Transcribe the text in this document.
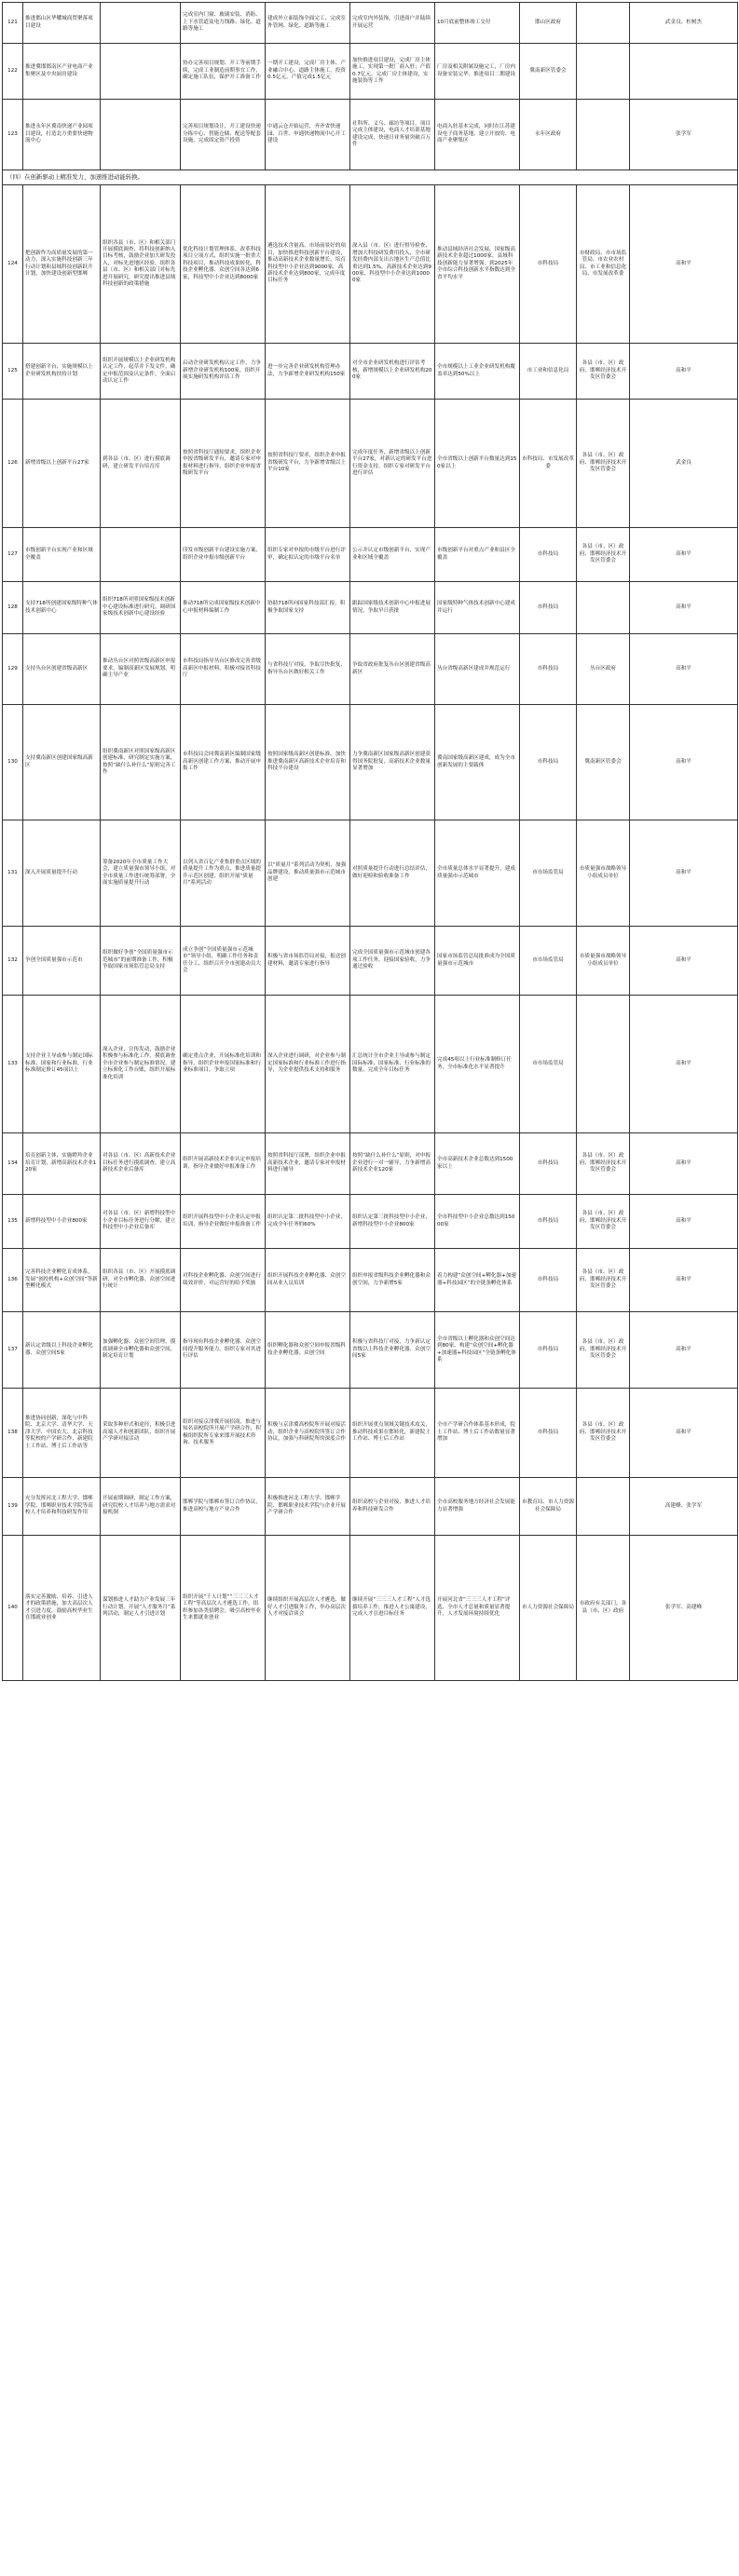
121	推进邯山区华耀城商贸聚落项目建设		完成室内门窗、玻璃安装、消防、上下水管道及电力线路、绿化、道路等施工	建成外立面装饰全面完工，完成室外管网、绿化、道路等施工	完成室内外装饰，引进商户并陆续开展运营	10月底前整体竣工交付	邯山区政府		武金良、杜树杰
122	推进冀邯邯南区产业电商产业集聚区及中央厨房建设		协办完善项目规划、开工等前期手续，完成工业制造前期事宜工作，确定施工队伍，保护开工准备工作	一期开工建设，完成厂房主体、产业融合中心、道路主体施工，投资0.5亿元，产值完成1.5亿元	加快推进项目建设，完成厂房主体施工，实现第一批厂商入驻；产值0.7亿元，完成厂房主体建设，实施装饰等工作	厂房及相关附属设施完工，厂房内设备安装完毕，推进项目二期建设	冀南新区管委会		
123	推进永年区冀南快递产业园项目建设，打造北方重要快递物流中心		完善项目规划设计，开工建设快递分拣中心、智能仓储、配送等配套设施，完成固定资产投资	中通云仓开始运营，齐齐省快递园、百世、申通快递物流中心开工建设	社科所、义乌、廊坊等项目，项目完成主体建设，电商人才培训基地建设完成，快递日业务量突破百万件	电商入驻基本完成，同时在江苏建设电子商务基地，建立开放的、电商产业聚集区	永年区政府		张学军
（四）在创新驱动上精准发力，加速推进动能转换。									
124	把创新作为高质量发展的第一动力，深入实施科技创新三年行动计划和县域科技创新跃升计划，加快建设创新型邯郸	组织各县（市、区）和相关部门开展摸底调查，将科技创新纳入目标考核，鼓励企业加大研发投入，对标先进地区经验，组织各县（市、区）和相关部门对标先进开展研究，研究提出推进县域科技创新的政策措施	优化科技计划管理体系，改革科技项目立项方式，组织实施一批重大科技项目，推动科技成果转化，科技企业孵化器、众创空间各达到6家，科技型中小企业达到8000家	遴选技术含量高、市场前景好的项目，加快推进科技创新平台建设，推动高新技术企业数量增长，培育科技型中小企业达到9000家，高新技术企业达到800家，完成年度目标任务	深入县（市、区）进行督导检查，增加大科技研发费用投入，全市研发经费内部支出占地区生产总值比重达到1.5%，高新技术企业达到900家，科技型中小企业达到10000家	推动县域经济社会发展，国家级高新技术企业超过1000家，县域科技创新能力显著增强，到2025年全市综合科技创新水平指数达到全省平均水平	市科技局	市财政局、市市场监管局、市农业农村局、市工业和信息化局、市发展改革委	高和平
125	搭建创新平台，实施规模以上企业研发机构扶持计划	组织开展规模以上企业研发机构认定工作，起草并下发文件，确定申报范围及认定条件，全面启动认定工作	启动企业研发机构认定工作，力争新增企业研发机构100家，组织开展实施研发机构评估工作	进一步完善企业研发机构管理办法，力争新增企业研发机构150家	对全市企业研发机构进行评估考核，新增规模以上企业研发机构200家	全市规模以上工业企业研发机构覆盖率达到50%以上	市工业和信息化局	各县（市、区）政府、邯郸经济技术开发区管委会	高和平
126	新增省级以上创新平台27家	到各县（市、区）进行摸底调研，建立研发平台培育库	按照省科技厅通知要求，组织企业申报省级研发平台，邀请专家对申报材料进行指导，组织企业申报省级研发平台	按照省科技厅要求，组织企业申报省级研发平台，力争新增省级以上平台10家	完成年度任务，新增省级以上创新平台27家，对新认定的研发平台进行资金支持，组织专家对研发平台进行评估	全市省级以上创新平台数量达到150家以上	市科技局、市发展改革委	各县（市、区）政府、邯郸经济技术开发区管委会	武金良
127	市级创新平台实现产业和区域全覆盖		印发市级创新平台建设实施方案，组织企业申报市级创新平台	组织专家对申报的市级平台进行评审，确定拟认定的市级平台名单	公示并认定市级创新平台，实现产业和区域全覆盖	市级创新平台对重点产业和县区全覆盖	市科技局	各县（市、区）政府、邯郸经济技术开发区管委会	高和平
128	支持718所创建国家级特种气体技术创新中心	组织718所对照国家级技术创新中心建设标准进行研究，调研国家级技术创新中心建设经验	推动718所完成国家级技术创新中心申报材料编制工作	协助718所向国家科技部汇报，积极争取国家支持	跟踪国家级技术创新中心申报进展情况，争取早日获批	国家级特种气体技术创新中心建成并运行	市科技局		高和平
129	支持丛台区创建省级高新区	推动丛台区对照省级高新区申报要求，编制高新区发展规划，明确主导产业	市科技局指导丛台区修改完善省级高新区申报材料，积极对接省科技厅	与省科技厅对接，争取尽快批复，指导丛台区做好相关工作	争取省政府批复丛台区创建省级高新区	丛台省级高新区建成并规范运行	市科技局	丛台区政府	高和平
130	支持冀南新区创建国家级高新区	组织冀南新区对照国家级高新区创建标准，研究制定实施方案，按照“缺什么补什么”原则完善工作	市科技局会同冀南新区编制国家级高新区创建工作方案，推动开展申报工作	按照国家级高新区创建标准，加快推进冀南新区高新技术企业培育和科技平台建设	力争冀南新区国家级高新区创建获得国务院批复，高新技术企业数量显著增加	冀南国家级高新区建成，成为全市创新发展的主要载体	市科技局	冀南新区管委会	高和平
131	深入开展质量提升行动	筹备2020年全市质量工作大会，建立质量强市领导小组，对全市质量工作进行统筹部署，全面实施质量提升行动	以列入省百亿产业集群重点区域的质量提升工作为重点，推进质量提升示范区创建，组织开展“质量月”系列活动	以“质量月”系列活动为契机，加强品牌建设，推动质量强市示范城市创建	对照质量提升行动进行总结评估，做好迎检和验收准备工作	全市质量总体水平显著提升，建成质量强市示范城市	市市场监管局	市质量强市战略领导小组成员单位	高和平
132	争创全国质量强市示范市	组织做好争创“全国质量强市示范城市”的前期准备工作，积极争取国家市场监管总局支持	成立争创“全国质量强市示范城市”领导小组，明确工作任务和责任分工，组织召开全市创建动员大会	积极与省市场监管局对接，报送创建材料，邀请专家进行指导	完成全国质量强市示范城市创建各项工作任务，迎接国家验收，力争通过验收	国家市场监管总局批准成为全国质量强市示范城市	市市场监管局	市质量强市战略领导小组成员单位	高和平
133	支持企业主导或参与制定国际标准、国家和行业标准，行业标准制定修订45项以上	深入企业，宣传发动，鼓励企业积极参与标准化工作，摸底调查全市企业参与制定标准情况，建立标准化工作台账，组织开展标准化培训	确定重点企业，开展标准化培训和指导，组织企业申报国家标准和行业标准项目，争取立项	深入企业进行调研，对企业参与制定国家标准和行业标准工作进行指导，为企业提供技术支持和服务	汇总统计全市企业主导或参与制定国际标准、国家标准、行业标准的数量，完成全年目标任务	完成45项以上行业标准制修订任务，全市标准化水平显著提升	市市场监管局		高和平
134	培育创新主体，实施瞪羚企业培育计划，新增高新技术企业120家	对各县（市、区）高新技术企业目标任务进行摸底调查，建立高新技术企业后备库	组织开展高新技术企业认定申报培训，指导企业做好申报准备工作	按照省科技厅部署，组织企业申报高新技术企业，邀请专家对申报材料进行辅导	按照“缺什么补什么”原则，对申报企业进行一对一辅导，力争新增高新技术企业120家	全市高新技术企业总数达到1500家以上	市科技局	各县（市、区）政府、邯郸经济技术开发区管委会	高和平
135	新增科技型中小企业800家	对各县（市、区）新增科技型中小企业目标任务进行分解，建立科技型中小企业后备库	组织开展科技型中小企业认定申报培训，指导企业做好申报准备工作	组织认定第二批科技型中小企业，完成全年任务的60%	组织认定第三批科技型中小企业，新增科技型中小企业800家	全市科技型中小企业总数达到15000家	市科技局	各县（市、区）政府、邯郸经济技术开发区管委会	高和平
136	完善科技企业孵化育成体系，发展“创投机构+众创空间”等新型孵化模式	组织各县（市、区）开展摸底调研，对全市孵化器、众创空间进行统计	对科技企业孵化器、众创空间进行绩效评价，对运营好的给予奖励	组织开展科技企业孵化器、众创空间从业人员培训	组织申报省级科技企业孵化器和众创空间，力争新增5家	着力构建“众创空间+孵化器+加速器+科技园区”的全链条孵化体系	市科技局	各县（市、区）政府、邯郸经济技术开发区管委会	高和平
137	新认定省级以上科技企业孵化器、众创空间5家	加强孵化器、众创空间管理，摸底调研全市孵化器和众创空间，制定培育计划	指导现有科技企业孵化器、众创空间提升服务能力，组织专家对其进行评估	组织孵化器和众创空间申报省级科技企业孵化器、众创空间	积极与省科技厅对接，力争新认定省级以上科技企业孵化器、众创空间5家	全市省级以上孵化器和众创空间达到80家，构建“众创空间+孵化器+加速器+科技园区”全链条孵化体系	市科技局	各县（市、区）政府、邯郸经济技术开发区管委会	高和平
138	推进协同创新，深化与中科院、北京大学、清华大学、天津大学、中国农大、北京科技等院校的产学研合作，新建院士工作站、博士后工作站等	采取多种形式和途径，积极引进高端人才和创新团队，组织开展产学研对接活动	组织对接京津冀开展招商，推进与知名高校院所开展产学研合作，积极组织院所专家来邯开展技术咨询、技术服务	积极与京津冀高校院所开展对接活动，组织企业与高校院所签订合作协议，加强与科研院所的深度合作	组织开展重点领域关键技术攻关，推动科技成果在邯转化，新建院士工作站、博士后工作站	全市产学研合作体系基本形成，院士工作站、博士后工作站数量显著增加	市科技局	各县（市、区）政府、邯郸经济技术开发区管委会	高和平
139	充分发挥河北工程大学、邯郸学院、邯郸职业技术学院等高校人才培养和科技研发作用	开展前期调研，制定工作方案，研究院校人才培养与地方需求对接机制	邯郸学院与邯郸市签订合作协议，推进高校与地方产业合作	积极推进河北工程大学、邯郸学院、邯郸职业技术学院与企业开展产学研合作	组织高校与企业对接，推进人才培养和科技研发合作	全市高校服务地方经济社会发展能力显著增强	市教育局、市人力资源社会保障局		高建峰、张学军
140	落实完善激励、培养、引进人才的政策措施，加大高层次人才引进力度，鼓励高校毕业生在邯就业创业	谋划推进人才助力产业发展三年行动计划，开展“人才服务月”系列活动，制定人才引进计划	组织开展“千人计划”“三三三人才工程”等高层次人才遴选工作，组织参加各类招聘会，吸引高校毕业生来邯就业创业	继续组织开展高层次人才遴选，做好人才引进服务工作，举办高层次人才对接洽谈会	继续开展“三三三人才工程”人才选拔培养工作，推进人才公寓建设，完成人才引进目标任务	开展河北省“三三三人才工程”评选，全市人才总量和质量显著提升，人才发展环境持续优化	市人力资源社会保障局	市政府有关部门，各县（市、区）政府	张学军、高建峰
